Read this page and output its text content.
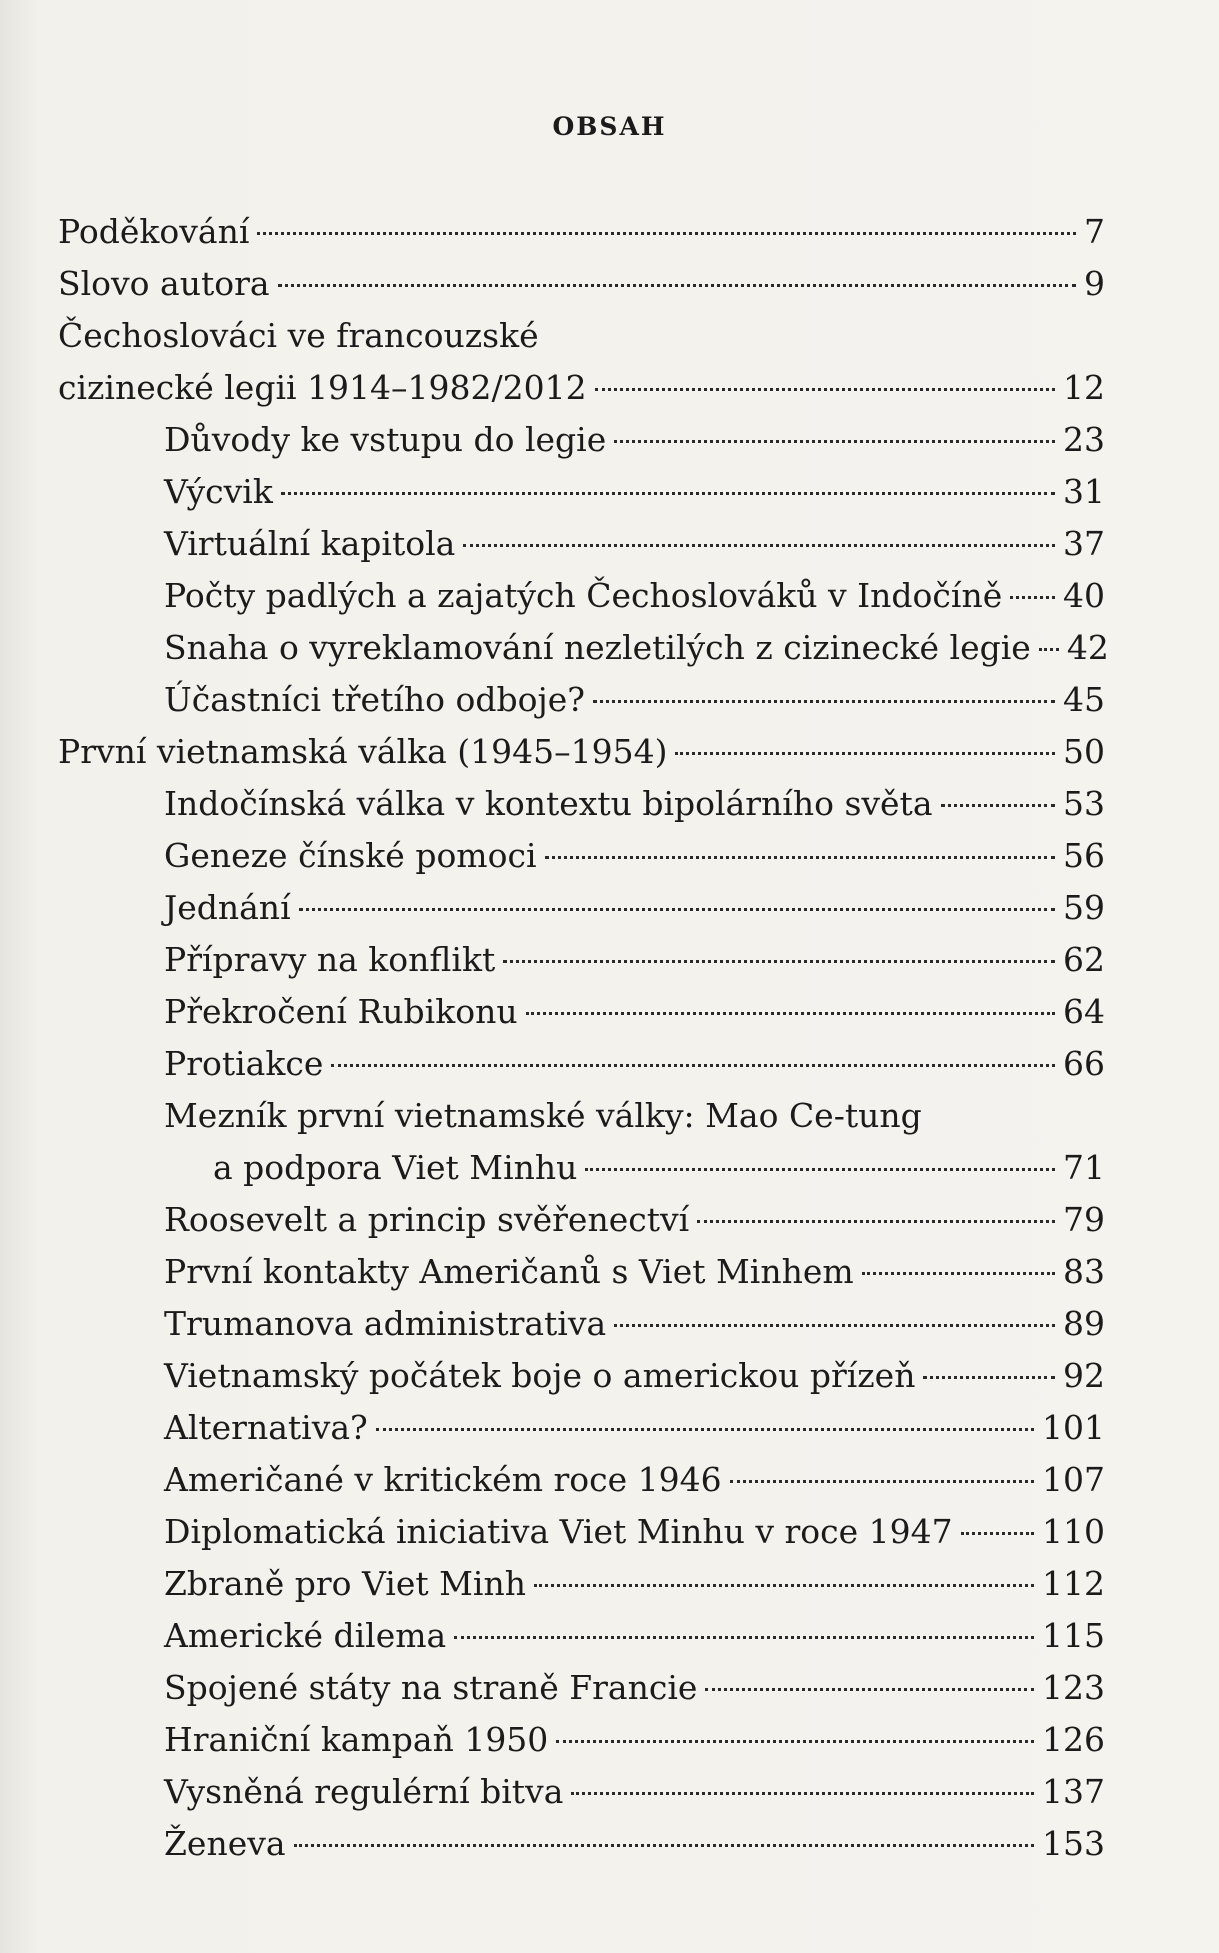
OBSAH
Poděkování	7
Slovo autora	9
Čechoslováci ve francouzské
cizinecké legii 1914–1982/2012	12
Důvody ke vstupu do legie	23
Výcvik	31
Virtuální kapitola	37
Počty padlých a zajatých Čechoslováků v Indočíně 40
Snaha o vyreklamování nezletilých z cizinecké legie 42
Účastníci třetího odboje?	45
První vietnamská válka (1945–1954)	50
Indočínská válka v kontextu bipolárního světa	53
Geneze čínské pomoci	56
Jednání	59
Přípravy na konflikt	62
Překročení Rubikonu	64
Protiakce	66
Mezník první vietnamské války: Mao Ce-tung
a podpora Viet Minhu	71
Roosevelt a princip svěřenectví	79
První kontakty Američanů s Viet Minhem	83
Trumanova administrativa	89
Vietnamský počátek boje o americkou přízeň	92
Alternativa?	101
Američané v kritickém roce 1946	107
Diplomatická iniciativa Viet Minhu v roce 1947	110
Zbraně pro Viet Minh	112
Americké dilema	115
Spojené státy na straně Francie	123
Hraniční kampaň 1950	126
Vysněná regulérní bitva	137
Ženeva	153
